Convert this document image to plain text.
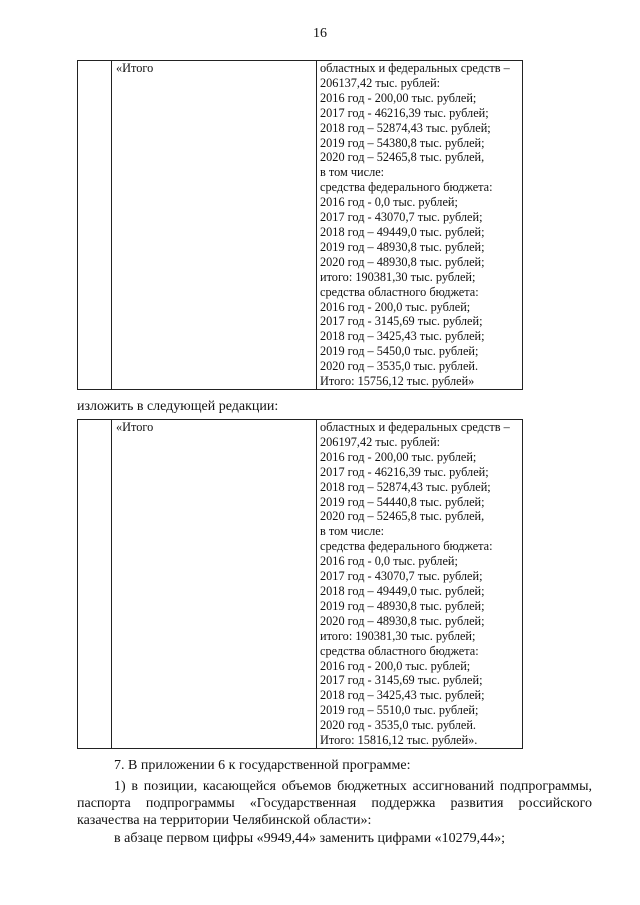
16

«Итого	областных и федеральных средств –
206137,42 тыс. рублей:
2016 год - 200,00 тыс. рублей;
2017 год - 46216,39 тыс. рублей;
2018 год – 52874,43 тыс. рублей;
2019 год – 54380,8 тыс. рублей;
2020 год – 52465,8 тыс. рублей,
в том числе:
средства федерального бюджета:
2016 год - 0,0 тыс. рублей;
2017 год - 43070,7 тыс. рублей;
2018 год – 49449,0 тыс. рублей;
2019 год – 48930,8 тыс. рублей;
2020 год – 48930,8 тыс. рублей;
итого: 190381,30 тыс. рублей;
средства областного бюджета:
2016 год - 200,0 тыс. рублей;
2017 год - 3145,69 тыс. рублей;
2018 год – 3425,43 тыс. рублей;
2019 год – 5450,0 тыс. рублей;
2020 год – 3535,0 тыс. рублей.
Итого: 15756,12 тыс. рублей»
изложить в следующей редакции:

«Итого	областных и федеральных средств –
206197,42 тыс. рублей:
2016 год - 200,00 тыс. рублей;
2017 год - 46216,39 тыс. рублей;
2018 год – 52874,43 тыс. рублей;
2019 год – 54440,8 тыс. рублей;
2020 год – 52465,8 тыс. рублей,
в том числе:
средства федерального бюджета:
2016 год - 0,0 тыс. рублей;
2017 год - 43070,7 тыс. рублей;
2018 год – 49449,0 тыс. рублей;
2019 год – 48930,8 тыс. рублей;
2020 год – 48930,8 тыс. рублей;
итого: 190381,30 тыс. рублей;
средства областного бюджета:
2016 год - 200,0 тыс. рублей;
2017 год - 3145,69 тыс. рублей;
2018 год – 3425,43 тыс. рублей;
2019 год – 5510,0 тыс. рублей;
2020 год - 3535,0 тыс. рублей.
Итого: 15816,12 тыс. рублей».
7. В приложении 6 к государственной программе:
1) в позиции, касающейся объемов бюджетных ассигнований подпрограммы, паспорта подпрограммы «Государственная поддержка развития российского казачества на территории Челябинской области»:
в абзаце первом цифры «9949,44» заменить цифрами «10279,44»;
